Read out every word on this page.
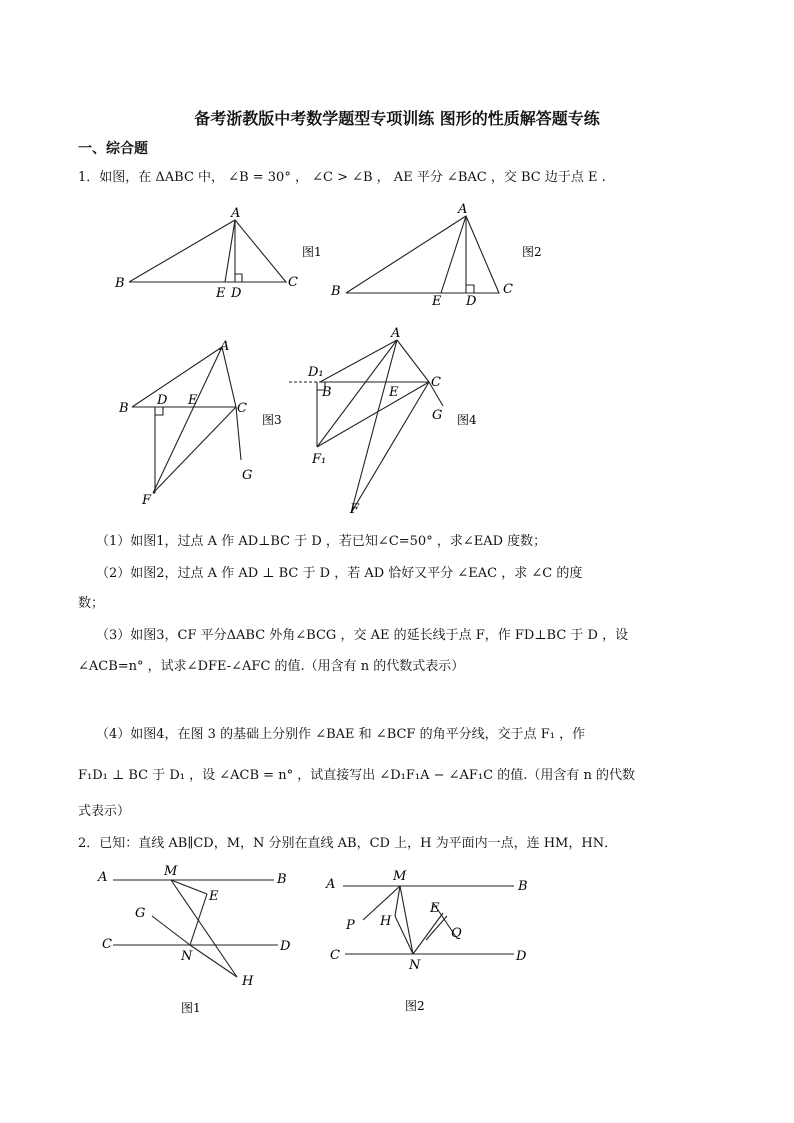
备考浙教版中考数学题型专项训练 图形的性质解答题专练
一、综合题
1．如图，在 ΔABC 中， ∠B = 30° ， ∠C > ∠B ， AE 平分 ∠BAC ，交 BC 边于点 E .
A
B	C
D
E
图1
A
B	C
D
E
图2
A
B	C
D E
F
G
图3
A
B
C
D₁
E
F₁
F
G 图4
A	B
C	D
M
N
E
G
H
图1
A	B
C	D
M
N
H
P
E
Q
图2
（1）如图1，过点 A 作 AD⊥BC 于 D ，若已知∠C=50° ，求∠EAD 度数；
（2）如图2，过点 A 作 AD ⊥ BC 于 D ，若 AD 恰好又平分 ∠EAC ，求 ∠C 的度
数；
（3）如图3，CF 平分ΔABC 外角∠BCG ，交 AE 的延长线于点 F，作 FD⊥BC 于 D ，设
∠ACB=n° ，试求∠DFE-∠AFC 的值.（用含有 n 的代数式表示）
（4）如图4，在图 3 的基础上分别作 ∠BAE 和 ∠BCF 的角平分线，交于点 F₁ ，作
F₁D₁ ⊥ BC 于 D₁ ，设 ∠ACB = n° ，试直接写出 ∠D₁F₁A − ∠AF₁C 的值.（用含有 n 的代数
式表示）
2．已知：直线 AB∥CD，M，N 分别在直线 AB，CD 上，H 为平面内一点，连 HM，HN．
